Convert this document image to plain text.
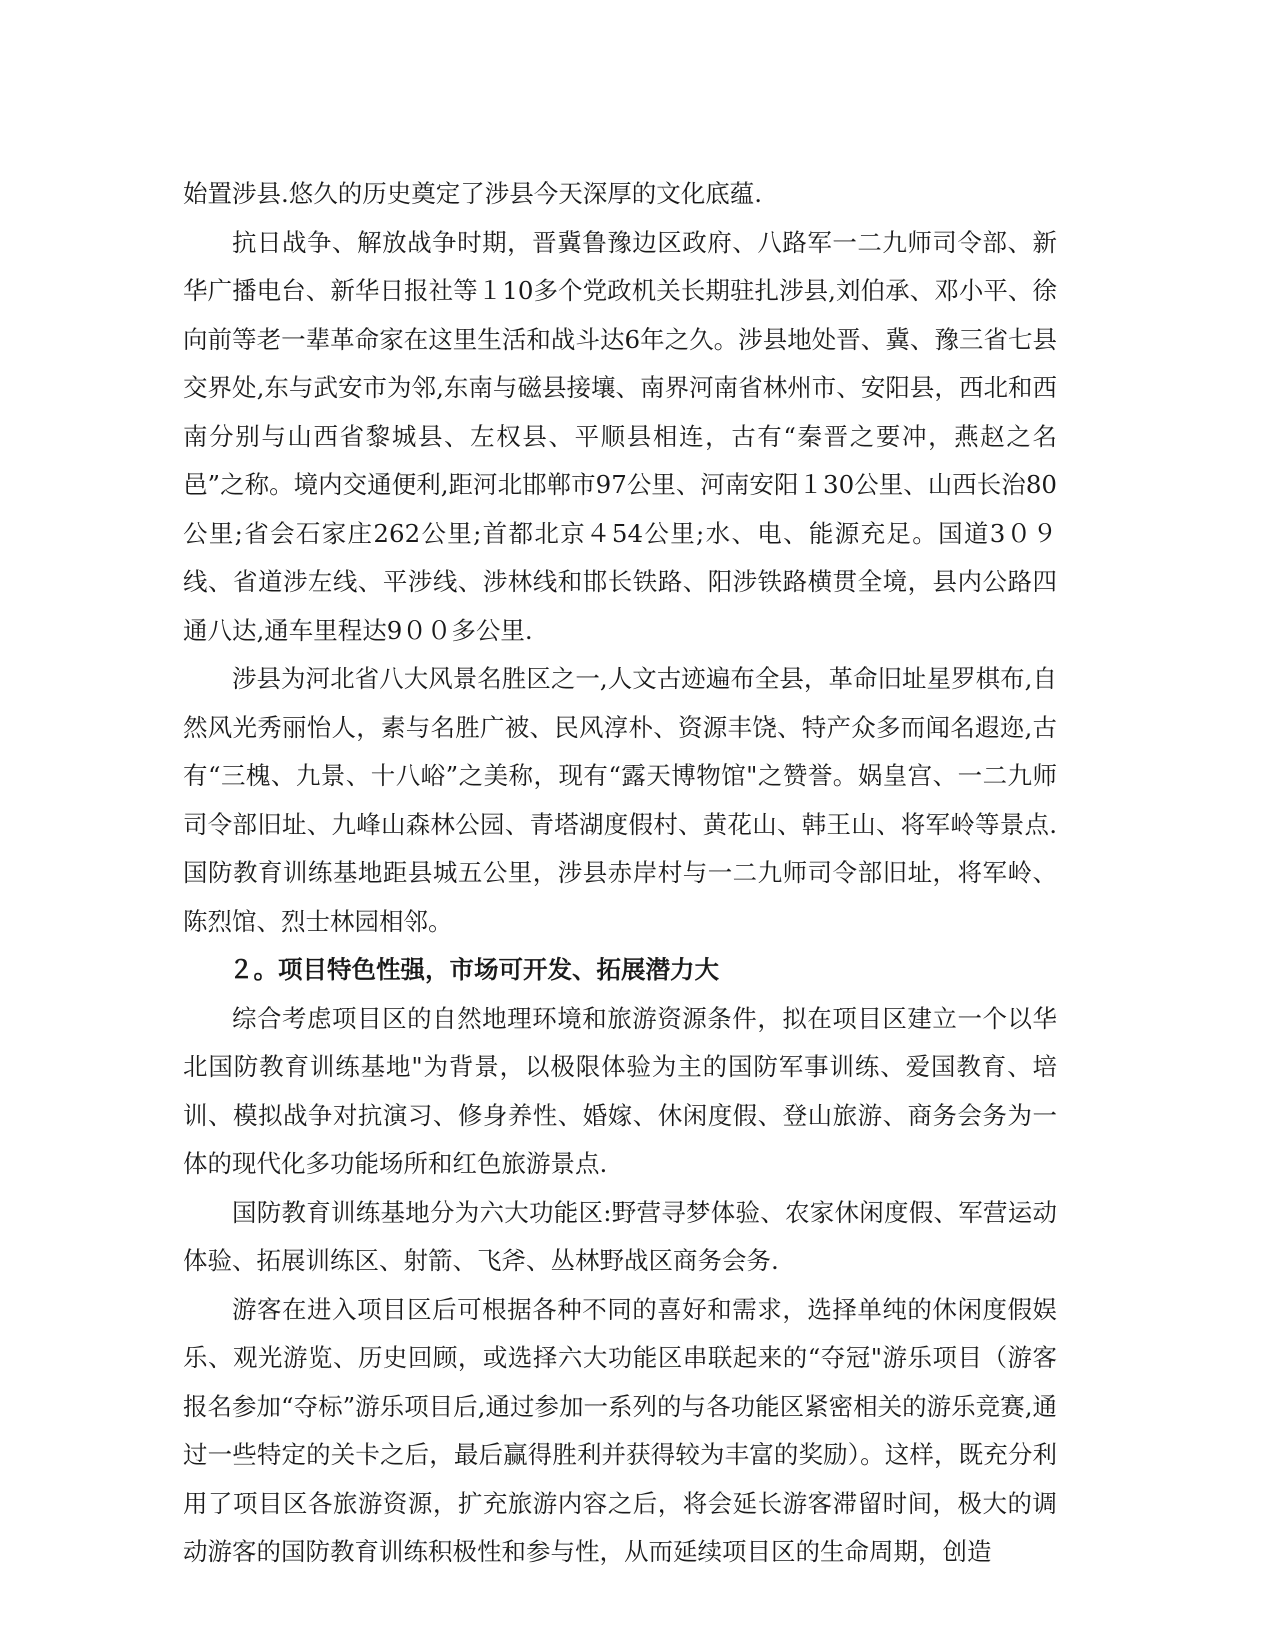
始置涉县.悠久的历史奠定了涉县今天深厚的文化底蕴.

抗日战争、解放战争时期，晋冀鲁豫边区政府、八路军一二九师司令部、新华广播电台、新华日报社等１10多个党政机关长期驻扎涉县,刘伯承、邓小平、徐向前等老一辈革命家在这里生活和战斗达6年之久。涉县地处晋、冀、豫三省七县交界处,东与武安市为邻,东南与磁县接壤、南界河南省林州市、安阳县，西北和西南分别与山西省黎城县、左权县、平顺县相连，古有“秦晋之要冲，燕赵之名邑”之称。境内交通便利,距河北邯郸市97公里、河南安阳１30公里、山西长治80公里;省会石家庄262公里;首都北京４54公里;水、电、能源充足。国道3０９线、省道涉左线、平涉线、涉林线和邯长铁路、阳涉铁路横贯全境，县内公路四通八达,通车里程达9００多公里.

涉县为河北省八大风景名胜区之一,人文古迹遍布全县，革命旧址星罗棋布,自然风光秀丽怡人，素与名胜广被、民风淳朴、资源丰饶、特产众多而闻名遐迩,古有“三槐、九景、十八峪”之美称，现有“露天博物馆"之赞誉。娲皇宫、一二九师司令部旧址、九峰山森林公园、青塔湖度假村、黄花山、韩王山、将军岭等景点.国防教育训练基地距县城五公里，涉县赤岸村与一二九师司令部旧址，将军岭、陈烈馆、烈士林园相邻。

２。项目特色性强，市场可开发、拓展潜力大

综合考虑项目区的自然地理环境和旅游资源条件，拟在项目区建立一个以华北国防教育训练基地"为背景，以极限体验为主的国防军事训练、爱国教育、培训、模拟战争对抗演习、修身养性、婚嫁、休闲度假、登山旅游、商务会务为一体的现代化多功能场所和红色旅游景点.

国防教育训练基地分为六大功能区:野营寻梦体验、农家休闲度假、军营运动体验、拓展训练区、射箭、飞斧、丛林野战区商务会务.

游客在进入项目区后可根据各种不同的喜好和需求，选择单纯的休闲度假娱乐、观光游览、历史回顾，或选择六大功能区串联起来的“夺冠"游乐项目（游客报名参加“夺标”游乐项目后,通过参加一系列的与各功能区紧密相关的游乐竞赛,通过一些特定的关卡之后，最后赢得胜利并获得较为丰富的奖励）。这样，既充分利用了项目区各旅游资源，扩充旅游内容之后，将会延长游客滞留时间，极大的调动游客的国防教育训练积极性和参与性，从而延续项目区的生命周期，创造
